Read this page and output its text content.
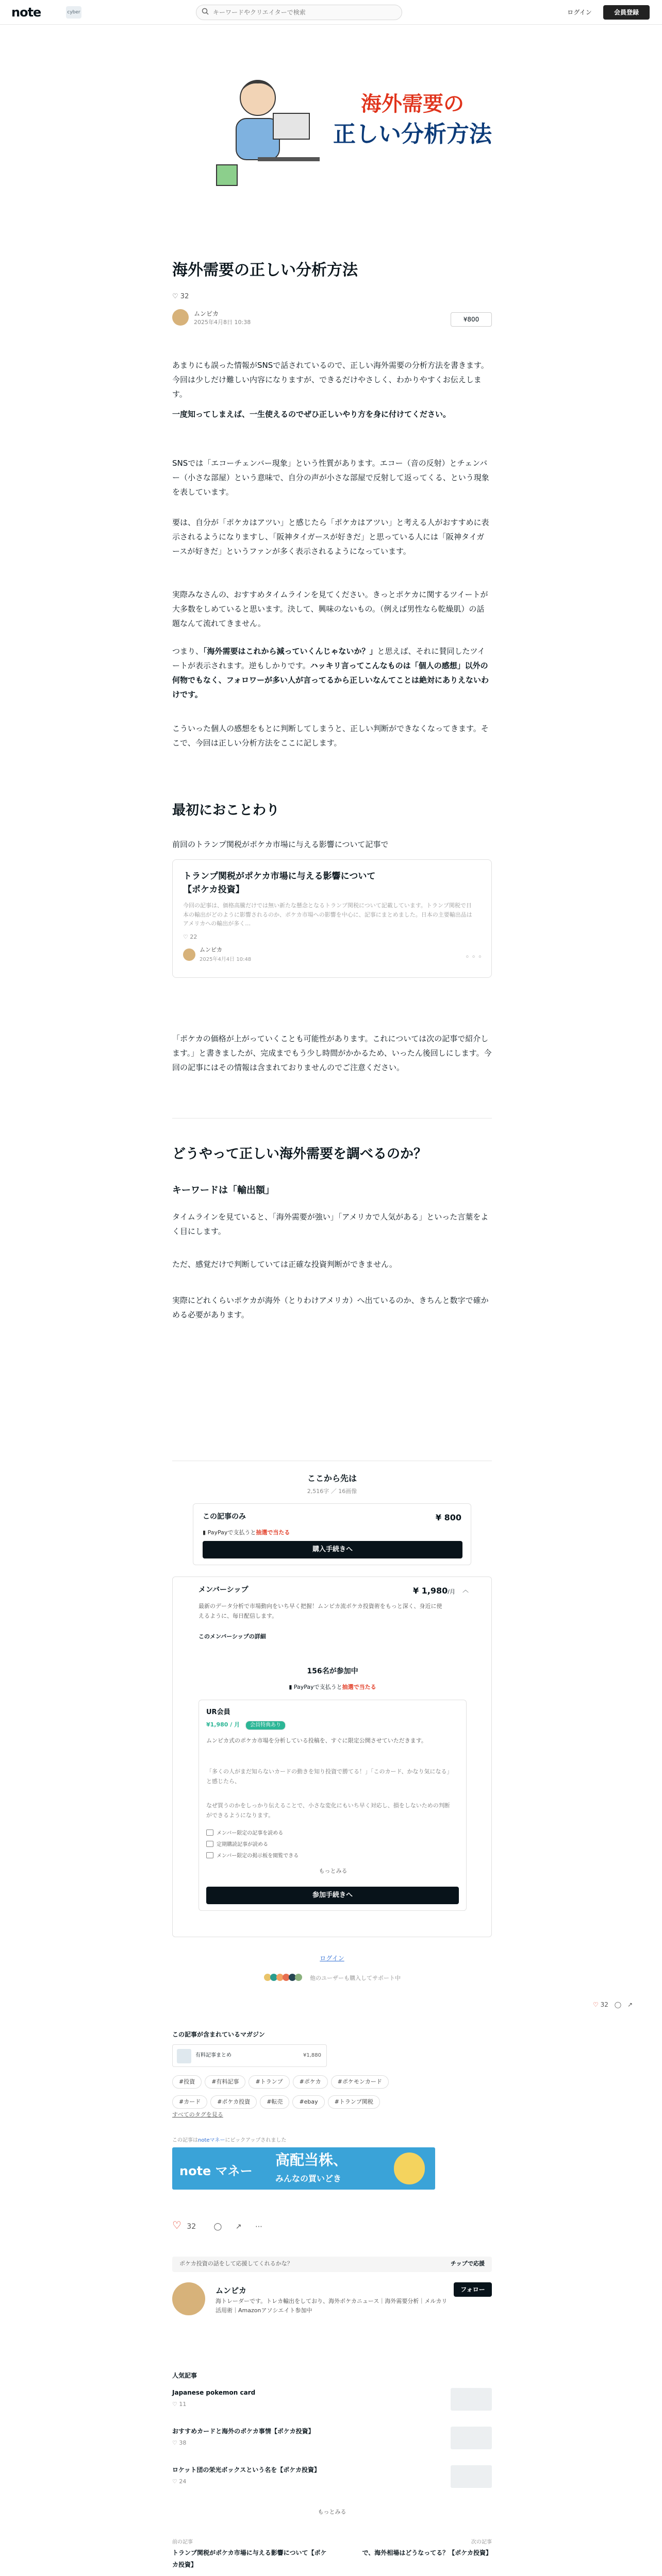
note	cyber
キーワードやクリエイターで検索	ログイン	会員登録
海外需要の
正しい分析方法
海外需要の正しい分析方法
♡ 32
ムンピカ
2025年4月8日 10:38	¥800

あまりにも誤った情報がSNSで話されているので、正しい海外需要の分析方法を書きます。今回は少しだけ難しい内容になりますが、できるだけやさしく、わかりやすくお伝えします。

一度知ってしまえば、一生使えるのでぜひ正しいやり方を身に付けてください。

SNSでは「エコーチェンバー現象」という性質があります。エコー（音の反射）とチェンバー（小さな部屋）という意味で、自分の声が小さな部屋で反射して返ってくる、という現象を表しています。

要は、自分が「ポケカはアツい」と感じたら「ポケカはアツい」と考える人がおすすめに表示されるようになりますし、「阪神タイガースが好きだ」と思っている人には「阪神タイガースが好きだ」というファンが多く表示されるようになっています。

実際みなさんの、おすすめタイムラインを見てください。きっとポケカに関するツイートが大多数をしめていると思います。決して、興味のないもの。（例えば男性なら乾燥肌）の話題なんて流れてきません。

つまり、「海外需要はこれから減っていくんじゃないか？」と思えば、それに賛同したツイートが表示されます。逆もしかりです。ハッキリ言ってこんなものは「個人の感想」以外の何物でもなく、フォロワーが多い人が言ってるから正しいなんてことは絶対にありえないわけです。

こういった個人の感想をもとに判断してしまうと、正しい判断ができなくなってきます。そこで、今回は正しい分析方法をここに記します。

最初におことわり

前回のトランプ関税がポケカ市場に与える影響について記事で

トランプ関税がポケカ市場に与える影響について
【ポケカ投資】
今回の記事は、価格高騰だけでは無い新たな懸念となるトランプ関税について記載しています。トランプ関税で日本の輸出がどのように影響されるのか、ポケカ市場への影響を中心に、記事にまとめました。日本の主要輸出品はアメリカへの輸出が多く…
♡ 22
ムンピカ
2025年4月4日 10:48	◦◦◦

「ポケカの価格が上がっていくことも可能性があります。これについては次の記事で紹介します。」と書きましたが、完成までもう少し時間がかかるため、いったん後回しにします。今回の記事にはその情報は含まれておりませんのでご注意ください。

どうやって正しい海外需要を調べるのか？
キーワードは「輸出額」

タイムラインを見ていると、「海外需要が強い」「アメリカで人気がある」といった言葉をよく目にします。

ただ、感覚だけで判断していては正確な投資判断ができません。

実際にどれくらいポケカが海外（とりわけアメリカ）へ出ているのか、きちんと数字で確かめる必要があります。

ここから先は
2,516字 ／ 16画像
この記事のみ	¥ 800
▮ PayPayで支払うと抽選で当たる
購入手続きへ
メンバーシップ	¥ 1,980/月 ︿
最新のデータ分析で市場動向をいち早く把握！ムンピカ流ポケカ投資術をもっと深く、身近に使えるように、毎日配信します。
このメンバーシップの詳細
156名が参加中
▮ PayPayで支払うと抽選で当たる
UR会員
¥1,980 / 月	会員特典あり
ムンピカ式のポケカ市場を分析している投稿を、すぐに限定公開させていただきます。
「多くの人がまだ知らないカードの動きを知り投資で勝てる！」「このカード、かなり気になる」と感じたら、
なぜ買うのかをしっかり伝えることで、小さな変化にもいち早く対応し、損をしないための判断ができるようになります。
メンバー限定の記事を読める
定期購読記事が読める
メンバー限定の掲示板を閲覧できる
もっとみる
参加手続きへ
ログイン
他のユーザーも購入してサポート中
♡ 32 ◯ ↗
この記事が含まれているマガジン
有料記事まとめ	¥1,880
#投資	#有料記事	#トランプ	#ポケカ	#ポケモンカード
#カード	#ポケカ投資	#転売	#ebay	#トランプ関税
すべてのタグを見る
この記事はnoteマネーにピックアップされました
note マネー
高配当株、
みんなの買いどき
♡ 32 ◯ ↗ ⋯
ポケカ投資の話をして応援してくれるかな？	チップで応援
ムンピカ
海トレーダーです。トレカ輸出をしており、海外ポケカニュース｜海外需要分析｜メルカリ活用術｜Amazonアソシエイト参加中
フォロー
人気記事
Japanese pokemon card
♡ 11
おすすめカードと海外のポケカ事情【ポケカ投資】
♡ 38
ロケット団の栄光ボックスという名を【ポケカ投資】
♡ 24
もっとみる
前の記事
トランプ関税がポケカ市場に与える影響について【ポケカ投資】
次の記事
で、海外相場はどうなってる？【ポケカ投資】
